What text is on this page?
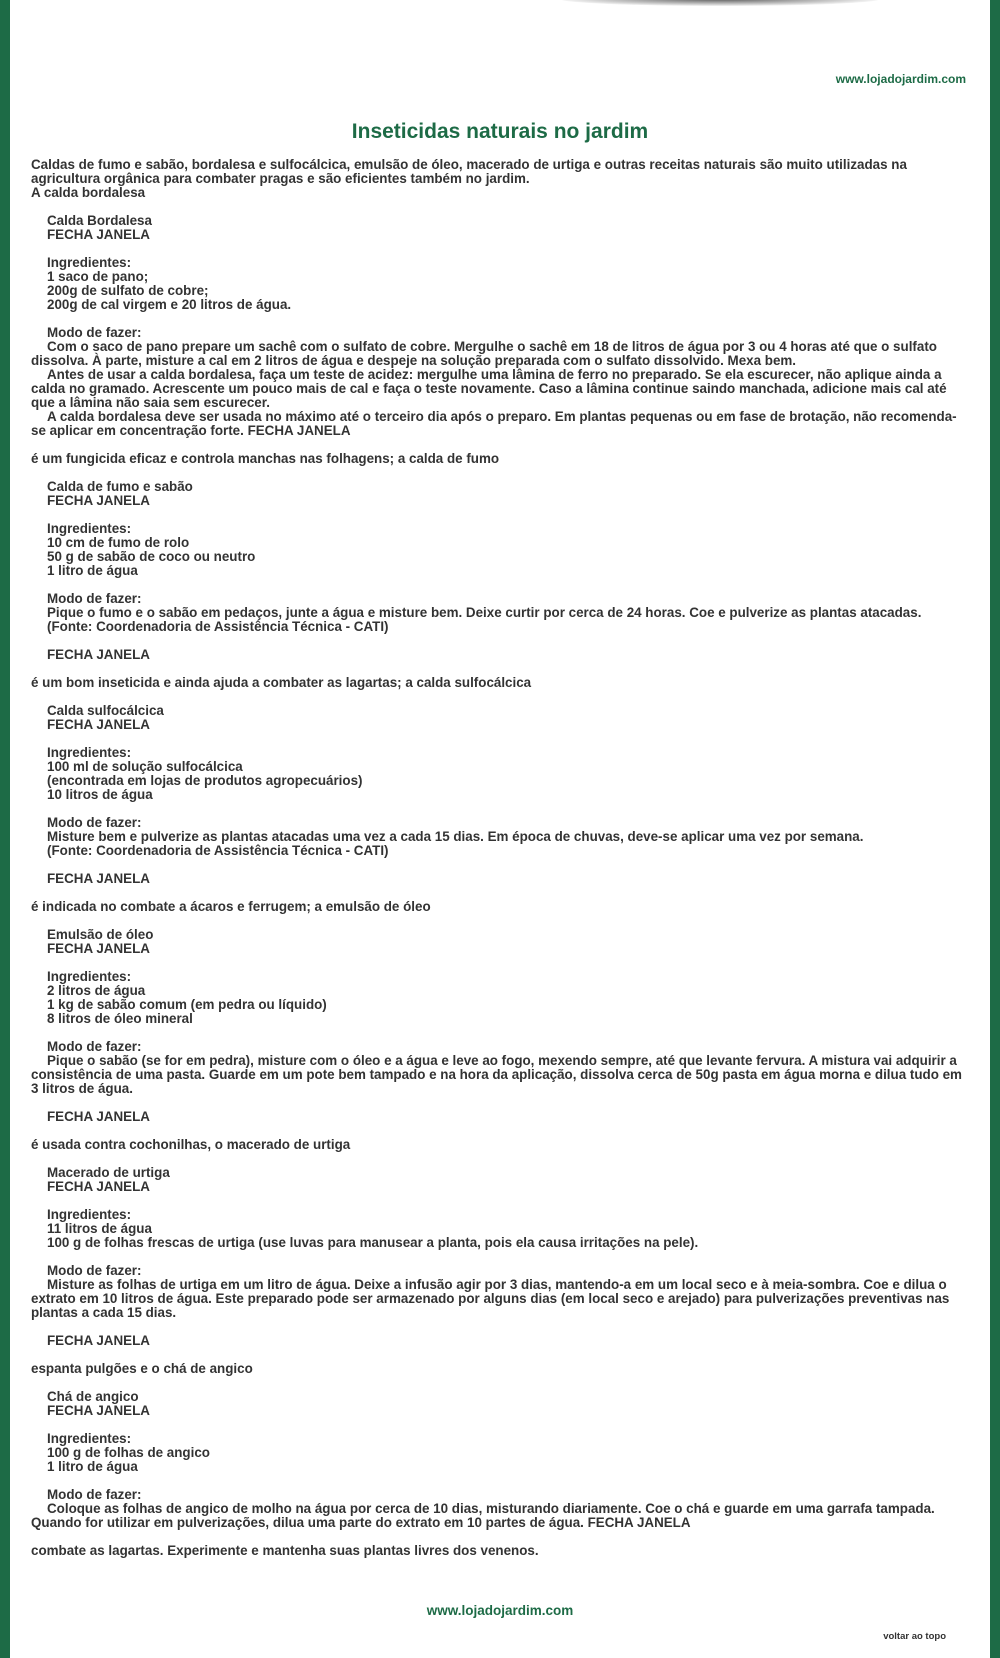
www.lojadojardim.com
Inseticidas naturais no jardim

Caldas de fumo e sabão, bordalesa e sulfocálcica, emulsão de óleo, macerado de urtiga e outras receitas naturais são muito utilizadas na agricultura orgânica para combater pragas e são eficientes também no jardim.

A calda bordalesa

Calda Bordalesa
FECHA JANELA
Ingredientes:
1 saco de pano;
200g de sulfato de cobre;
200g de cal virgem e 20 litros de água.
Modo de fazer:

Com o saco de pano prepare um sachê com o sulfato de cobre. Mergulhe o sachê em 18 de litros de água por 3 ou 4 horas até que o sulfato dissolva. À parte, misture a cal em 2 litros de água e despeje na solução preparada com o sulfato dissolvido. Mexa bem.

Antes de usar a calda bordalesa, faça um teste de acidez: mergulhe uma lâmina de ferro no preparado. Se ela escurecer, não aplique ainda a calda no gramado. Acrescente um pouco mais de cal e faça o teste novamente. Caso a lâmina continue saindo manchada, adicione mais cal até que a lâmina não saia sem escurecer.

A calda bordalesa deve ser usada no máximo até o terceiro dia após o preparo. Em plantas pequenas ou em fase de brotação, não recomenda-se aplicar em concentração forte. FECHA JANELA

é um fungicida eficaz e controla manchas nas folhagens; a calda de fumo

Calda de fumo e sabão
FECHA JANELA
Ingredientes:
10 cm de fumo de rolo
50 g de sabão de coco ou neutro
1 litro de água
Modo de fazer:

Pique o fumo e o sabão em pedaços, junte a água e misture bem. Deixe curtir por cerca de 24 horas. Coe e pulverize as plantas atacadas.

(Fonte: Coordenadoria de Assistência Técnica - CATI)

FECHA JANELA

é um bom inseticida e ainda ajuda a combater as lagartas; a calda sulfocálcica

Calda sulfocálcica
FECHA JANELA
Ingredientes:
100 ml de solução sulfocálcica
(encontrada em lojas de produtos agropecuários)
10 litros de água
Modo de fazer:

Misture bem e pulverize as plantas atacadas uma vez a cada 15 dias. Em época de chuvas, deve-se aplicar uma vez por semana.

(Fonte: Coordenadoria de Assistência Técnica - CATI)

FECHA JANELA

é indicada no combate a ácaros e ferrugem; a emulsão de óleo

Emulsão de óleo
FECHA JANELA
Ingredientes:
2 litros de água
1 kg de sabão comum (em pedra ou líquido)
8 litros de óleo mineral
Modo de fazer:

Pique o sabão (se for em pedra), misture com o óleo e a água e leve ao fogo, mexendo sempre, até que levante fervura. A mistura vai adquirir a consistência de uma pasta. Guarde em um pote bem tampado e na hora da aplicação, dissolva cerca de 50g pasta em água morna e dilua tudo em 3 litros de água.

FECHA JANELA

é usada contra cochonilhas, o macerado de urtiga

Macerado de urtiga
FECHA JANELA
Ingredientes:
11 litros de água
100 g de folhas frescas de urtiga (use luvas para manusear a planta, pois ela causa irritações na pele).
Modo de fazer:

Misture as folhas de urtiga em um litro de água. Deixe a infusão agir por 3 dias, mantendo-a em um local seco e à meia-sombra. Coe e dilua o extrato em 10 litros de água. Este preparado pode ser armazenado por alguns dias (em local seco e arejado) para pulverizações preventivas nas plantas a cada 15 dias.

FECHA JANELA

espanta pulgões e o chá de angico

Chá de angico
FECHA JANELA
Ingredientes:
100 g de folhas de angico
1 litro de água
Modo de fazer:

Coloque as folhas de angico de molho na água por cerca de 10 dias, misturando diariamente. Coe o chá e guarde em uma garrafa tampada. Quando for utilizar em pulverizações, dilua uma parte do extrato em 10 partes de água. FECHA JANELA

combate as lagartas. Experimente e mantenha suas plantas livres dos venenos.

www.lojadojardim.com
voltar ao topo
